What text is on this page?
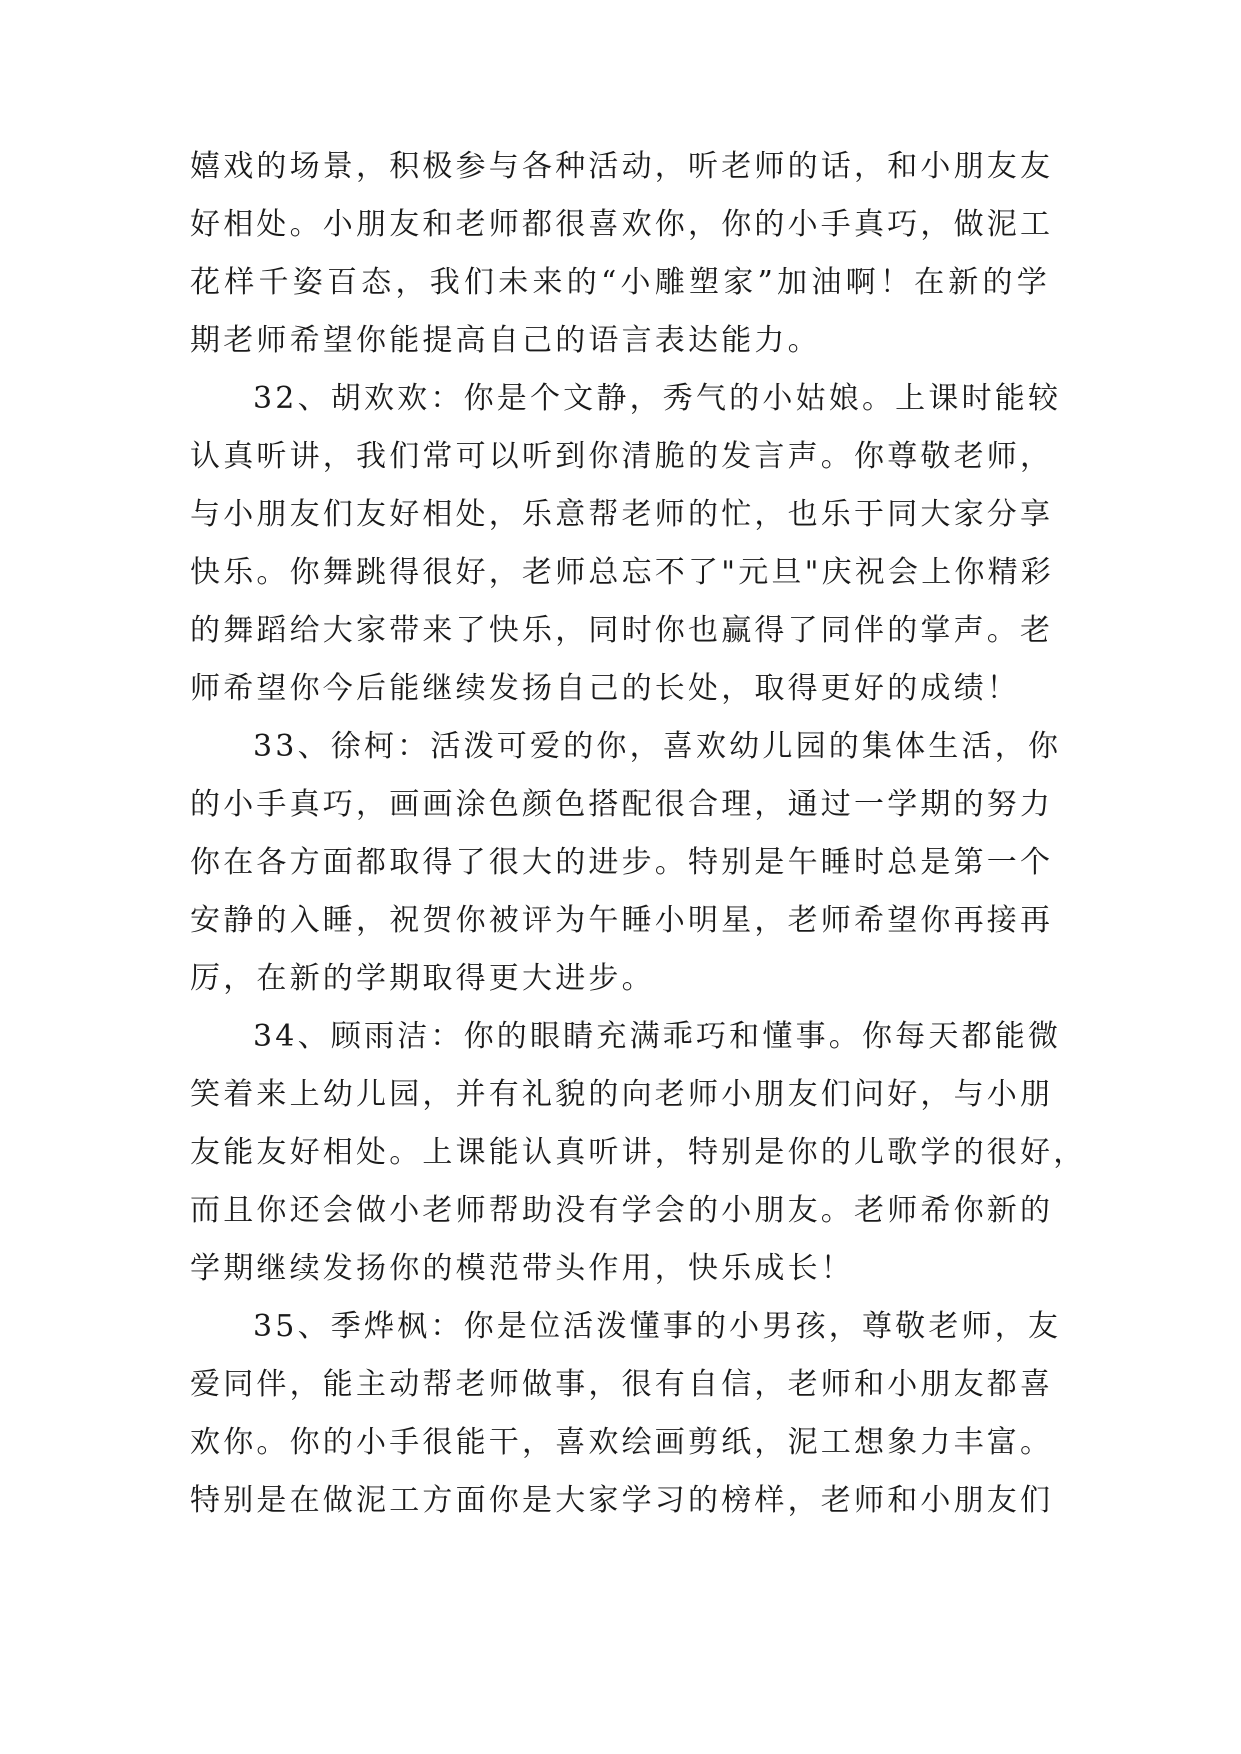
嬉戏的场景，积极参与各种活动，听老师的话，和小朋友友
好相处。小朋友和老师都很喜欢你，你的小手真巧，做泥工
花样千姿百态，我们未来的“小雕塑家”加油啊！在新的学
期老师希望你能提高自己的语言表达能力。
32、胡欢欢：你是个文静，秀气的小姑娘。上课时能较
认真听讲，我们常可以听到你清脆的发言声。你尊敬老师，
与小朋友们友好相处，乐意帮老师的忙，也乐于同大家分享
快乐。你舞跳得很好，老师总忘不了"元旦"庆祝会上你精彩
的舞蹈给大家带来了快乐，同时你也赢得了同伴的掌声。老
师希望你今后能继续发扬自己的长处，取得更好的成绩！
33、徐柯：活泼可爱的你，喜欢幼儿园的集体生活，你
的小手真巧，画画涂色颜色搭配很合理，通过一学期的努力
你在各方面都取得了很大的进步。特别是午睡时总是第一个
安静的入睡，祝贺你被评为午睡小明星，老师希望你再接再
厉，在新的学期取得更大进步。
34、顾雨洁：你的眼睛充满乖巧和懂事。你每天都能微
笑着来上幼儿园，并有礼貌的向老师小朋友们问好，与小朋
友能友好相处。上课能认真听讲，特别是你的儿歌学的很好，
而且你还会做小老师帮助没有学会的小朋友。老师希你新的
学期继续发扬你的模范带头作用，快乐成长！
35、季烨枫：你是位活泼懂事的小男孩，尊敬老师，友
爱同伴，能主动帮老师做事，很有自信，老师和小朋友都喜
欢你。你的小手很能干，喜欢绘画剪纸，泥工想象力丰富。
特别是在做泥工方面你是大家学习的榜样，老师和小朋友们
